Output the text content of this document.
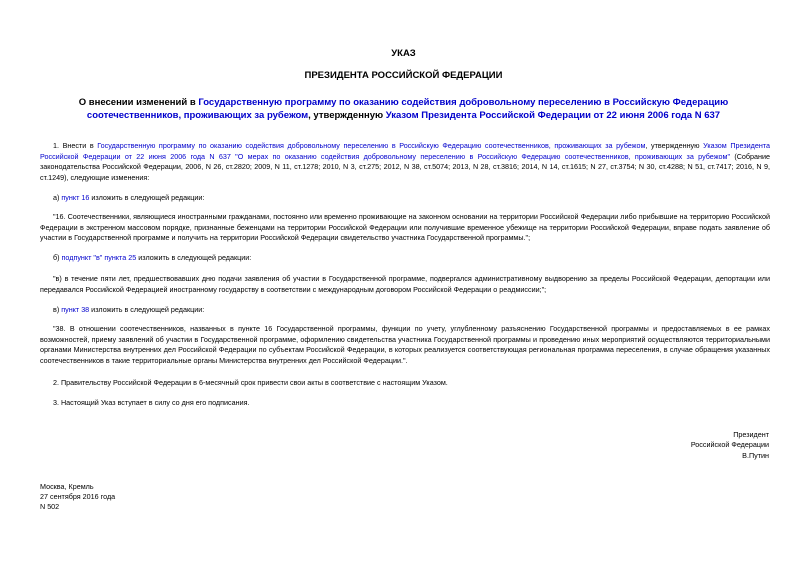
УКАЗ
ПРЕЗИДЕНТА РОССИЙСКОЙ ФЕДЕРАЦИИ
О внесении изменений в Государственную программу по оказанию содействия добровольному переселению в Российскую Федерацию соотечественников, проживающих за рубежом, утвержденную Указом Президента Российской Федерации от 22 июня 2006 года N 637
1. Внести в Государственную программу по оказанию содействия добровольному переселению в Российскую Федерацию соотечественников, проживающих за рубежом, утвержденную Указом Президента Российской Федерации от 22 июня 2006 года N 637 "О мерах по оказанию содействия добровольному переселению в Российскую Федерацию соотечественников, проживающих за рубежом" (Собрание законодательства Российской Федерации, 2006, N 26, ст.2820; 2009, N 11, ст.1278; 2010, N 3, ст.275; 2012, N 38, ст.5074; 2013, N 28, ст.3816; 2014, N 14, ст.1615; N 27, ст.3754; N 30, ст.4288; N 51, ст.7417; 2016, N 9, ст.1249), следующие изменения:
а) пункт 16 изложить в следующей редакции:
"16. Соотечественники, являющиеся иностранными гражданами, постоянно или временно проживающие на законном основании на территории Российской Федерации либо прибывшие на территорию Российской Федерации в экстренном массовом порядке, признанные беженцами на территории Российской Федерации или получившие временное убежище на территории Российской Федерации, вправе подать заявление об участии в Государственной программе и получить на территории Российской Федерации свидетельство участника Государственной программы.";
б) подпункт "в" пункта 25 изложить в следующей редакции:
"в) в течение пяти лет, предшествовавших дню подачи заявления об участии в Государственной программе, подвергался административному выдворению за пределы Российской Федерации, депортации или передавался Российской Федерацией иностранному государству в соответствии с международным договором Российской Федерации о реадмиссии;";
в) пункт 38 изложить в следующей редакции:
"38. В отношении соотечественников, названных в пункте 16 Государственной программы, функции по учету, углубленному разъяснению Государственной программы и предоставляемых в ее рамках возможностей, приему заявлений об участии в Государственной программе, оформлению свидетельства участника Государственной программы и проведению иных мероприятий осуществляются территориальными органами Министерства внутренних дел Российской Федерации по субъектам Российской Федерации, в которых реализуется соответствующая региональная программа переселения, в случае обращения указанных соотечественников в такие территориальные органы Министерства внутренних дел Российской Федерации.".
2. Правительству Российской Федерации в 6-месячный срок привести свои акты в соответствие с настоящим Указом.
3. Настоящий Указ вступает в силу со дня его подписания.
Президент
Российской Федерации
В.Путин
Москва, Кремль
27 сентября 2016 года
N 502
